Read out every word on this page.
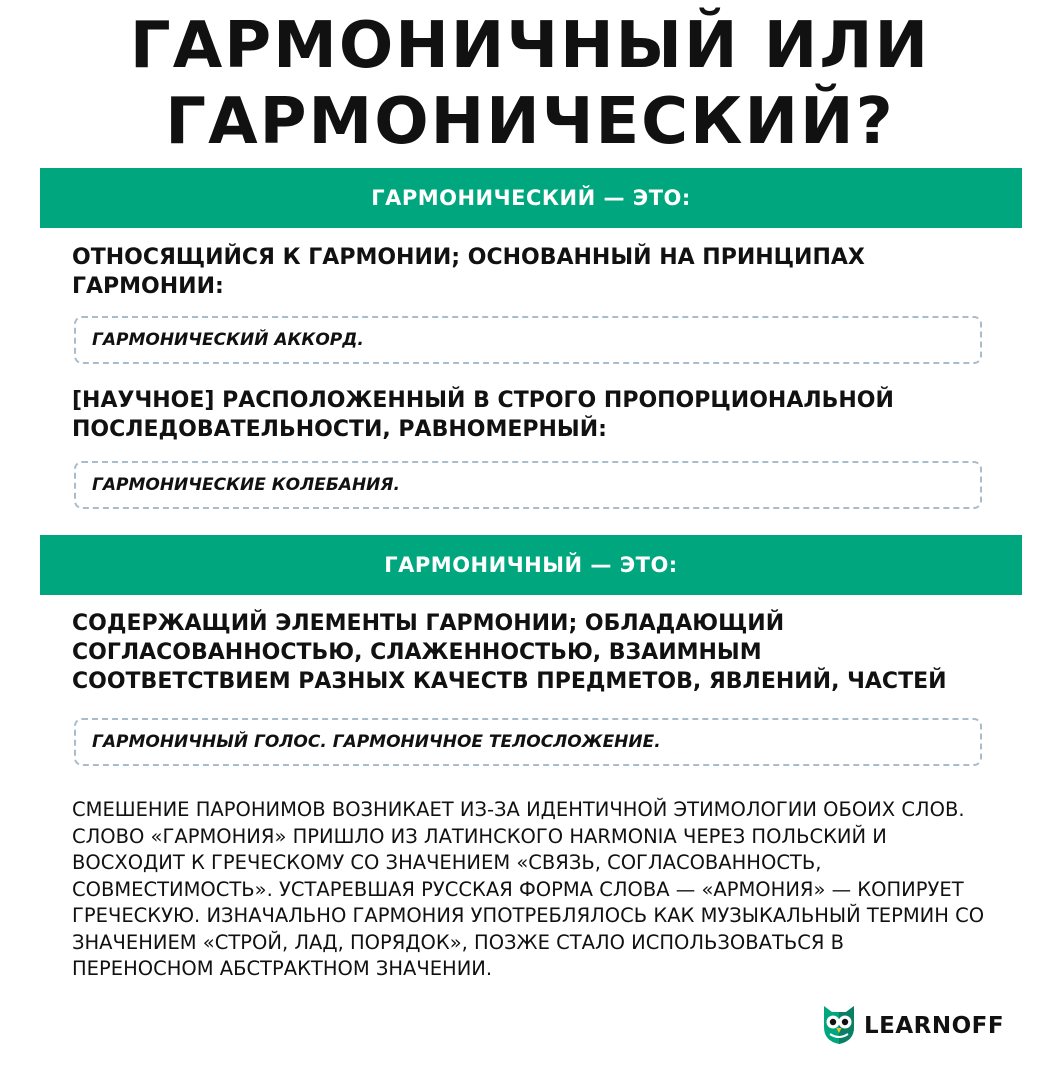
ГАРМОНИЧНЫЙ ИЛИ
ГАРМОНИЧЕСКИЙ?
ГАРМОНИЧЕСКИЙ — ЭТО:
ОТНОСЯЩИЙСЯ К ГАРМОНИИ; ОСНОВАННЫЙ НА ПРИНЦИПАХ ГАРМОНИИ:
ГАРМОНИЧЕСКИЙ АККОРД.
[НАУЧНОЕ] РАСПОЛОЖЕННЫЙ В СТРОГО ПРОПОРЦИОНАЛЬНОЙ ПОСЛЕДОВАТЕЛЬНОСТИ, РАВНОМЕРНЫЙ:
ГАРМОНИЧЕСКИЕ КОЛЕБАНИЯ.
ГАРМОНИЧНЫЙ — ЭТО:
СОДЕРЖАЩИЙ ЭЛЕМЕНТЫ ГАРМОНИИ; ОБЛАДАЮЩИЙ СОГЛАСОВАННОСТЬЮ, СЛАЖЕННОСТЬЮ, ВЗАИМНЫМ СООТВЕТСТВИЕМ РАЗНЫХ КАЧЕСТВ ПРЕДМЕТОВ, ЯВЛЕНИЙ, ЧАСТЕЙ
ГАРМОНИЧНЫЙ ГОЛОС. ГАРМОНИЧНОЕ ТЕЛОСЛОЖЕНИЕ.
СМЕШЕНИЕ ПАРОНИМОВ ВОЗНИКАЕТ ИЗ-ЗА ИДЕНТИЧНОЙ ЭТИМОЛОГИИ ОБОИХ СЛОВ. СЛОВО «ГАРМОНИЯ» ПРИШЛО ИЗ ЛАТИНСКОГО HARMONIA ЧЕРЕЗ ПОЛЬСКИЙ И ВОСХОДИТ К ГРЕЧЕСКОМУ СО ЗНАЧЕНИЕМ «СВЯЗЬ, СОГЛАСОВАННОСТЬ, СОВМЕСТИМОСТЬ». УСТАРЕВШАЯ РУССКАЯ ФОРМА СЛОВА — «АРМОНИЯ» — КОПИРУЕТ ГРЕЧЕСКУЮ. ИЗНАЧАЛЬНО ГАРМОНИЯ УПОТРЕБЛЯЛОСЬ КАК МУЗЫКАЛЬНЫЙ ТЕРМИН СО ЗНАЧЕНИЕМ «СТРОЙ, ЛАД, ПОРЯДОК», ПОЗЖЕ СТАЛО ИСПОЛЬЗОВАТЬСЯ В ПЕРЕНОСНОМ АБСТРАКТНОМ ЗНАЧЕНИИ.
LEARNOFF
